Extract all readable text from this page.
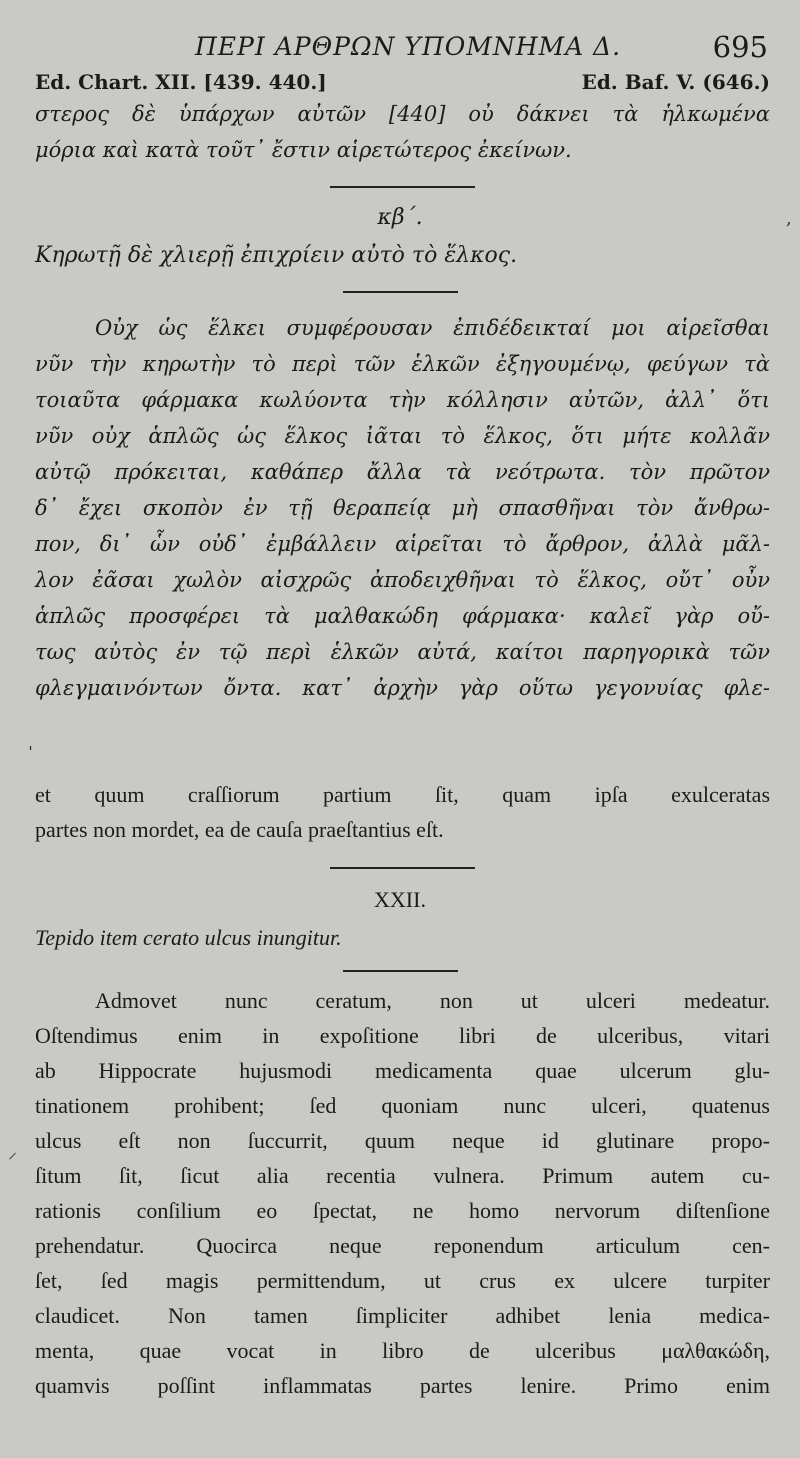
ΠΕΡΙ ΑΡΘΡΩΝ ΥΠΟΜΝΗΜΑ Δ.	695
Ed. Chart. XII. [439. 440.]	Ed. Baf. V. (646.)
στερος δὲ ὑπάρχων αὐτῶν [440] οὐ δάκνει τὰ ἡλκωμένα
μόρια καὶ κατὰ τοῦτ᾽ ἔστιν αἱρετώτερος ἐκείνων.
κβ΄.
Κηρωτῇ δὲ χλιερῇ ἐπιχρίειν αὐτὸ τὸ ἕλκος.
Οὐχ ὡς ἕλκει συμφέρουσαν ἐπιδέδεικταί μοι αἱρεῖσθαι
νῦν τὴν κηρωτὴν τὸ περὶ τῶν ἑλκῶν ἐξηγουμένῳ, φεύγων τὰ
τοιαῦτα φάρμακα κωλύοντα τὴν κόλλησιν αὐτῶν, ἀλλ᾽ ὅτι
νῦν οὐχ ἁπλῶς ὡς ἕλκος ἰᾶται τὸ ἕλκος, ὅτι μήτε κολλᾶν
αὐτῷ πρόκειται, καθάπερ ἄλλα τὰ νεότρωτα. τὸν πρῶτον
δ᾽ ἔχει σκοπὸν ἐν τῇ θεραπείᾳ μὴ σπασθῆναι τὸν ἄνθρω-
πον, δι᾽ ὧν οὐδ᾽ ἐμβάλλειν αἱρεῖται τὸ ἄρθρον, ἀλλὰ μᾶλ-
λον ἐᾶσαι χωλὸν αἰσχρῶς ἀποδειχθῆναι τὸ ἕλκος, οὔτ᾽ οὖν
ἁπλῶς προσφέρει τὰ μαλθακώδη φάρμακα· καλεῖ γὰρ οὔ-
τως αὐτὸς ἐν τῷ περὶ ἑλκῶν αὐτά, καίτοι παρηγορικὰ τῶν
φλεγμαινόντων ὄντα. κατ᾽ ἀρχὴν γὰρ οὕτω γεγονυίας φλε-
et quum craſſiorum partium ſit, quam ipſa exulceratas
partes non mordet, ea de cauſa praeſtantius eſt.
XXII.
Tepido item cerato ulcus inungitur.
Admovet nunc ceratum, non ut ulceri medeatur.
Oſtendimus enim in expoſitione libri de ulceribus, vitari
ab Hippocrate hujusmodi medicamenta quae ulcerum glu-
tinationem prohibent; ſed quoniam nunc ulceri, quatenus
ulcus eſt non ſuccurrit, quum neque id glutinare propo-
ſitum ſit, ſicut alia recentia vulnera. Primum autem cu-
rationis conſilium eo ſpectat, ne homo nervorum diſtenſione
prehendatur. Quocirca neque reponendum articulum cen-
ſet, ſed magis permittendum, ut crus ex ulcere turpiter
claudicet. Non tamen ſimpliciter adhibet lenia medica-
menta, quae vocat in libro de ulceribus μαλθακώδη,
quamvis poſſint inflammatas partes lenire. Primo enim
,
ˌ
⸝
